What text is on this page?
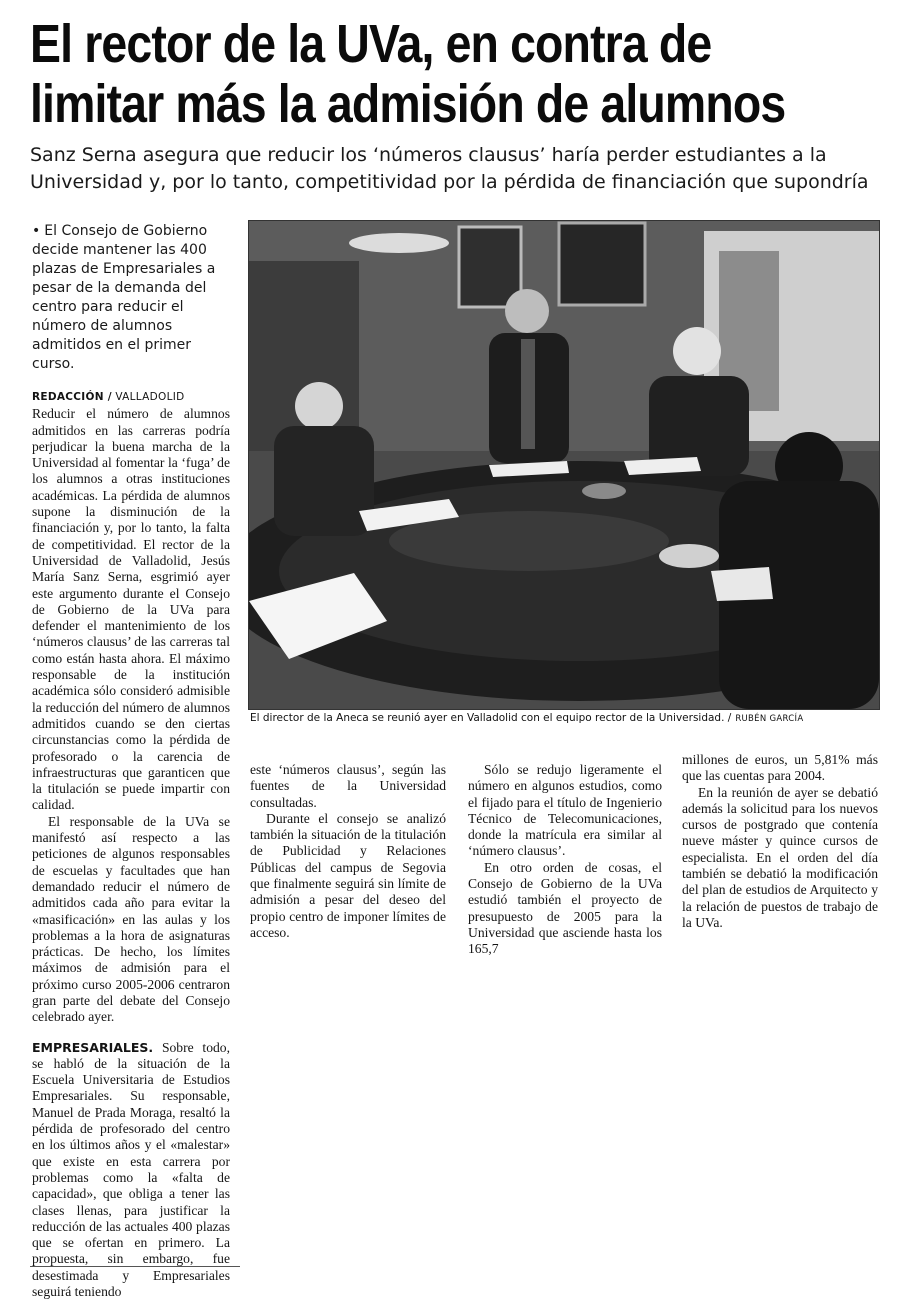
El rector de la UVa, en contra de
limitar más la admisión de alumnos

Sanz Serna asegura que reducir los ‘números clausus’ haría perder estudiantes a la Universidad y, por lo tanto, competitividad por la pérdida de financiación que supondría

• El Consejo de Gobierno decide mantener las 400 plazas de Empresariales a pesar de la demanda del centro para reducir el número de alumnos admitidos en el primer curso.
REDACCIÓN / VALLADOLID

Reducir el número de alumnos admitidos en las carreras podría perjudicar la buena marcha de la Universidad al fomentar la ‘fuga’ de los alumnos a otras instituciones académicas. La pérdida de alumnos supone la disminución de la financiación y, por lo tanto, la falta de competitividad. El rector de la Universidad de Valladolid, Jesús María Sanz Serna, esgrimió ayer este argumento durante el Consejo de Gobierno de la UVa para defender el mantenimiento de los ‘números clausus’ de las carreras tal como están hasta ahora. El máximo responsable de la institución académica sólo consideró admisible la reducción del número de alumnos admitidos cuando se den ciertas circunstancias como la pérdida de profesorado o la carencia de infraestructuras que garanticen que la titulación se puede impartir con calidad.

El responsable de la UVa se manifestó así respecto a las peticiones de algunos responsables de escuelas y facultades que han demandado reducir el número de admitidos cada año para evitar la «masificación» en las aulas y los problemas a la hora de asignaturas prácticas. De hecho, los límites máximos de admisión para el próximo curso 2005-2006 centraron gran parte del debate del Consejo celebrado ayer.

EMPRESARIALES. Sobre todo, se habló de la situación de la Escuela Universitaria de Estudios Empresariales. Su responsable, Manuel de Prada Moraga, resaltó la pérdida de profesorado del centro en los últimos años y el «malestar» que existe en esta carrera por problemas como la «falta de capacidad», que obliga a tener las clases llenas, para justificar la reducción de las actuales 400 plazas que se ofertan en primero. La propuesta, sin embargo, fue desestimada y Empresariales seguirá teniendo

El director de la Aneca se reunió ayer en Valladolid con el equipo rector de la Universidad. / RUBÉN GARCÍA

este ‘números clausus’, según las fuentes de la Universidad consultadas.

Durante el consejo se analizó también la situación de la titulación de Publicidad y Relaciones Públicas del campus de Segovia que finalmente seguirá sin límite de admisión a pesar del deseo del propio centro de imponer límites de acceso.

Sólo se redujo ligeramente el número en algunos estudios, como el fijado para el título de Ingenierio Técnico de Telecomunicaciones, donde la matrícula era similar al ‘número clausus’.

En otro orden de cosas, el Consejo de Gobierno de la UVa estudió también el proyecto de presupuesto de 2005 para la Universidad que asciende hasta los 165,7

millones de euros, un 5,81% más que las cuentas para 2004.

En la reunión de ayer se debatió además la solicitud para los nuevos cursos de postgrado que contenía nueve máster y quince cursos de especialista. En el orden del día también se debatió la modificación del plan de estudios de Arquitecto y la relación de puestos de trabajo de la UVa.
